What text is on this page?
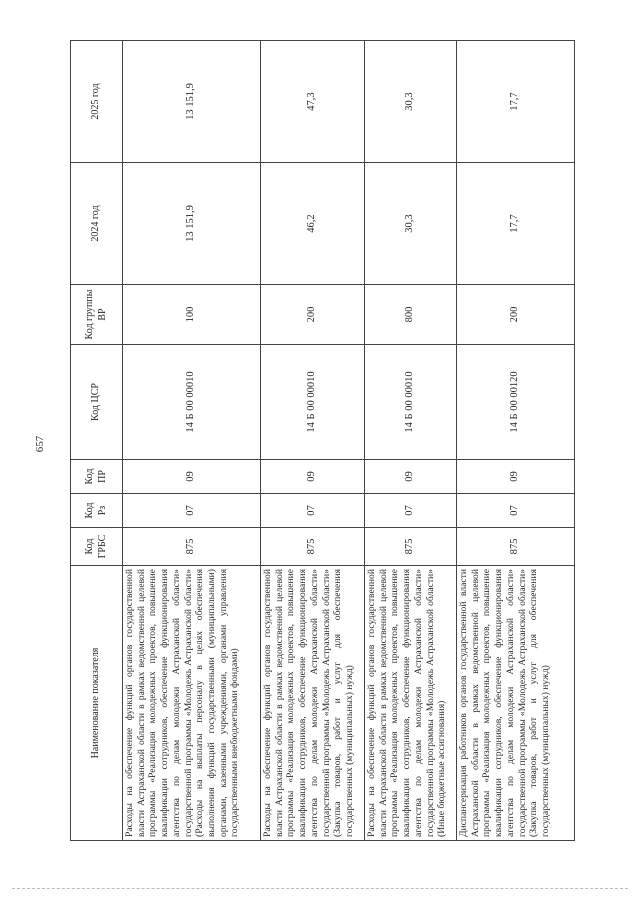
657
Наименование показателя	Код ГРБС	Код Рз	Код ПР	Код ЦСР	Код группы ВР	2024 год	2025 год
Расходы на обеспечение функций органов государственной власти Астраханской области в рамках ведомственной целевой программы «Реализация молодежных проектов, повышение квалификации сотрудников, обеспечение функционирования агентства по делам молодежи Астраханской области» государственной программы «Молодежь Астраханской области» (Расходы на выплаты персоналу в целях обеспечения выполнения функций государственными (муниципальными) органами, казенными учреждениями, органами управления государственными внебюджетными фондами)	875	07	09	14 Б 00 00010	100	13 151,9	13 151,9
Расходы на обеспечение функций органов государственной власти Астраханской области в рамках ведомственной целевой программы «Реализация молодежных проектов, повышение квалификации сотрудников, обеспечение функционирования агентства по делам молодежи Астраханской области» государственной программы «Молодежь Астраханской области» (Закупка товаров, работ и услуг для обеспечения государственных (муниципальных) нужд)	875	07	09	14 Б 00 00010	200	46,2	47,3
Расходы на обеспечение функций органов государственной власти Астраханской области в рамках ведомственной целевой программы «Реализация молодежных проектов, повышение квалификации сотрудников, обеспечение функционирования агентства по делам молодежи Астраханской области» государственной программы «Молодежь Астраханской области» (Иные бюджетные ассигнования)	875	07	09	14 Б 00 00010	800	30,3	30,3
Диспансеризация работников органов государственной власти Астраханской области в рамках ведомственной целевой программы «Реализация молодежных проектов, повышение квалификации сотрудников, обеспечение функционирования агентства по делам молодежи Астраханской области» государственной программы «Молодежь Астраханской области» (Закупка товаров, работ и услуг для обеспечения государственных (муниципальных) нужд)	875	07	09	14 Б 00 00120	200	17,7	17,7
